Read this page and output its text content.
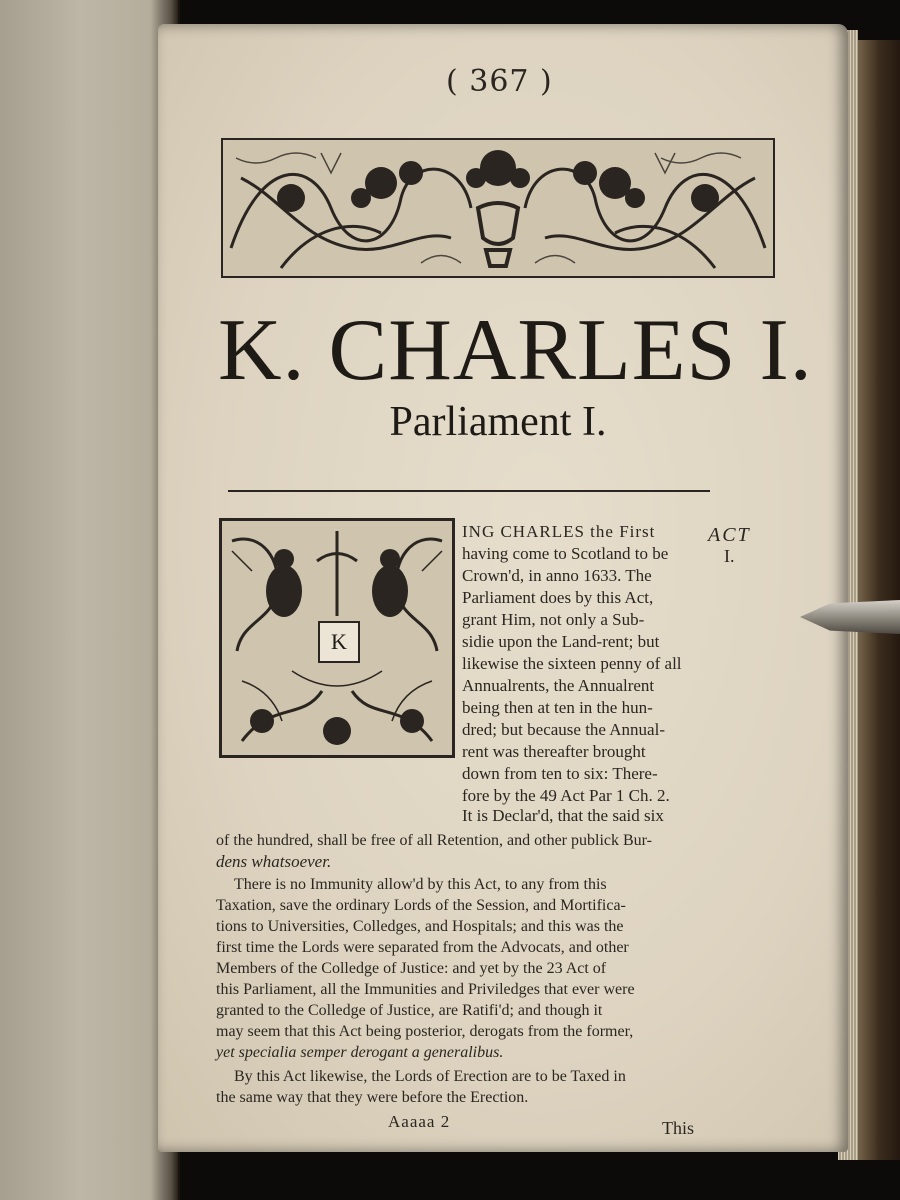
( 367 )
K. CHARLES I.
Parliament I.
K
ACT
I.
ING CHARLES the First
having come to Scotland to be
Crown'd, in anno 1633. The
Parliament does by this Act,
grant Him, not only a Sub-
sidie upon the Land-rent; but
likewise the sixteen penny of all
Annualrents, the Annualrent
being then at ten in the hun-
dred; but because the Annual-
rent was thereafter brought
down from ten to six: There-
fore by the 49 Act Par 1 Ch. 2.
It is Declar'd, that the said six
of the hundred, shall be free of all Retention, and other publick Bur-
dens whatsoever.
There is no Immunity allow'd by this Act, to any from this
Taxation, save the ordinary Lords of the Session, and Mortifica-
tions to Universities, Colledges, and Hospitals; and this was the
first time the Lords were separated from the Advocats, and other
Members of the Colledge of Justice: and yet by the 23 Act of
this Parliament, all the Immunities and Priviledges that ever were
granted to the Colledge of Justice, are Ratifi'd; and though it
may seem that this Act being posterior, derogats from the former,
yet specialia semper derogant a generalibus.
By this Act likewise, the Lords of Erection are to be Taxed in
the same way that they were before the Erection.
Aaaaa 2	This
